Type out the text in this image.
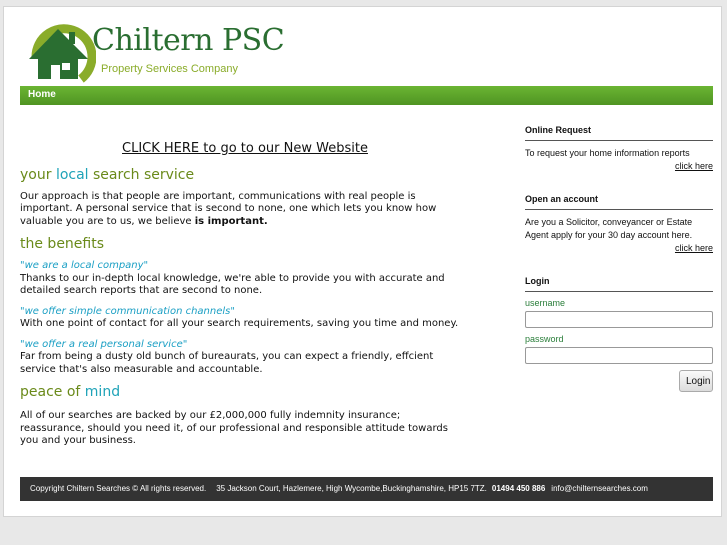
Chiltern PSC
Property Services Company
Home
CLICK HERE to go to our New Website
your local search service
Our approach is that people are important, communications with real people is important. A personal service that is second to none, one which lets you know how valuable you are to us, we believe is important.
the benefits
"we are a local company"
Thanks to our in-depth local knowledge, we're able to provide you with accurate and detailed search reports that are second to none.
"we offer simple communication channels"
With one point of contact for all your search requirements, saving you time and money.
"we offer a real personal service"
Far from being a dusty old bunch of bureaurats, you can expect a friendly, effcient service that's also measurable and accountable.
peace of mind
All of our searches are backed by our £2,000,000 fully indemnity insurance; reassurance, should you need it, of our professional and responsible attitude towards you and your business.
Online Request
To request your home information reports
click here
Open an account
Are you a Solicitor, conveyancer or Estate Agent apply for your 30 day account here.
click here
Login
username
password
Login
Copyright Chiltern Searches © All rights reserved. 35 Jackson Court, Hazlemere, High Wycombe,Buckinghamshire, HP15 7TZ. 01494 450 886 info@chilternsearches.com
